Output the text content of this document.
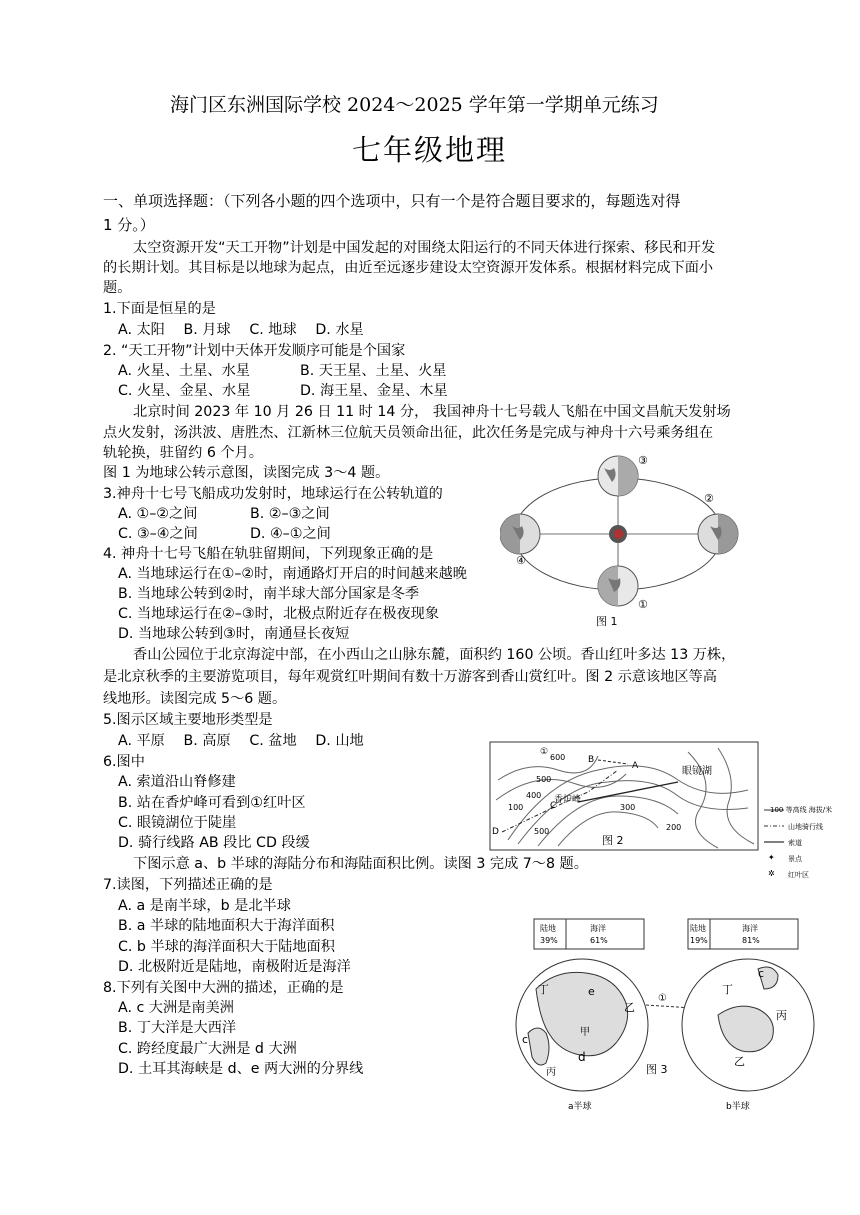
海门区东洲国际学校 2024～2025 学年第一学期单元练习
七年级地理
一、单项选择题：（下列各小题的四个选项中，只有一个是符合题目要求的，每题选对得
1 分。）
太空资源开发“天工开物”计划是中国发起的对围绕太阳运行的不同天体进行探索、移民和开发
的长期计划。其目标是以地球为起点，由近至远逐步建设太空资源开发体系。根据材料完成下面小
题。
1.下面是恒星的是
A. 太阳　 B. 月球　 C. 地球　 D. 水星
2. “天工开物”计划中天体开发顺序可能是个国家
A. 火星、土星、水星	B. 天王星、土星、火星
C. 火星、金星、水星	D. 海王星、金星、木星
北京时间 2023 年 10 月 26 日 11 时 14 分， 我国神舟十七号载人飞船在中国文昌航天发射场
点火发射，汤洪波、唐胜杰、江新林三位航天员领命出征，此次任务是完成与神舟十六号乘务组在
轨轮换，驻留约 6 个月。
图 1 为地球公转示意图，读图完成 3～4 题。
3.神舟十七号飞船成功发射时，地球运行在公转轨道的
A. ①–②之间	B. ②–③之间
C. ③–④之间	D. ④–①之间
4. 神舟十七号飞船在轨驻留期间，下列现象正确的是
A. 当地球运行在①–②时，南通路灯开启的时间越来越晚
B. 当地球公转到②时，南半球大部分国家是冬季
C. 当地球运行在②–③时，北极点附近存在极夜现象
D. 当地球公转到③时，南通昼长夜短
香山公园位于北京海淀中部，在小西山之山脉东麓，面积约 160 公顷。香山红叶多达 13 万株，
是北京秋季的主要游览项目，每年观赏红叶期间有数十万游客到香山赏红叶。图 2 示意该地区等高
线地形。读图完成 5～6 题。
5.图示区域主要地形类型是
A. 平原　 B. 高原　 C. 盆地　 D. 山地
6.图中
A. 索道沿山脊修建
B. 站在香炉峰可看到①红叶区
C. 眼镜湖位于陡崖
D. 骑行线路 AB 段比 CD 段缓
下图示意 a、b 半球的海陆分布和海陆面积比例。读图 3 完成 7～8 题。
7.读图，下列描述正确的是
A. a 是南半球，b 是北半球
B. a 半球的陆地面积大于海洋面积
C. b 半球的海洋面积大于陆地面积
D. 北极附近是陆地，南极附近是海洋
8.下列有关图中大洲的描述，正确的是
A. c 大洲是南美洲
B. 丁大洋是大西洋
C. 跨经度最广大洲是 d 大洲
D. 土耳其海峡是 d、e 两大洲的分界线
③
②
①
④
图 1
B
A
C
D
①
眼镜湖
香炉峰
600
500
400
300
200
100
500
图 2
100 等高线 海拔/米
山地骑行线
索道
✦ 景点
✲ 红叶区
陆地
39%
海洋
61%
陆地
19%
海洋
81%
丁	e
乙
甲
c
d
丙
a半球
①
丁
c
丙
乙
b半球
图 3
